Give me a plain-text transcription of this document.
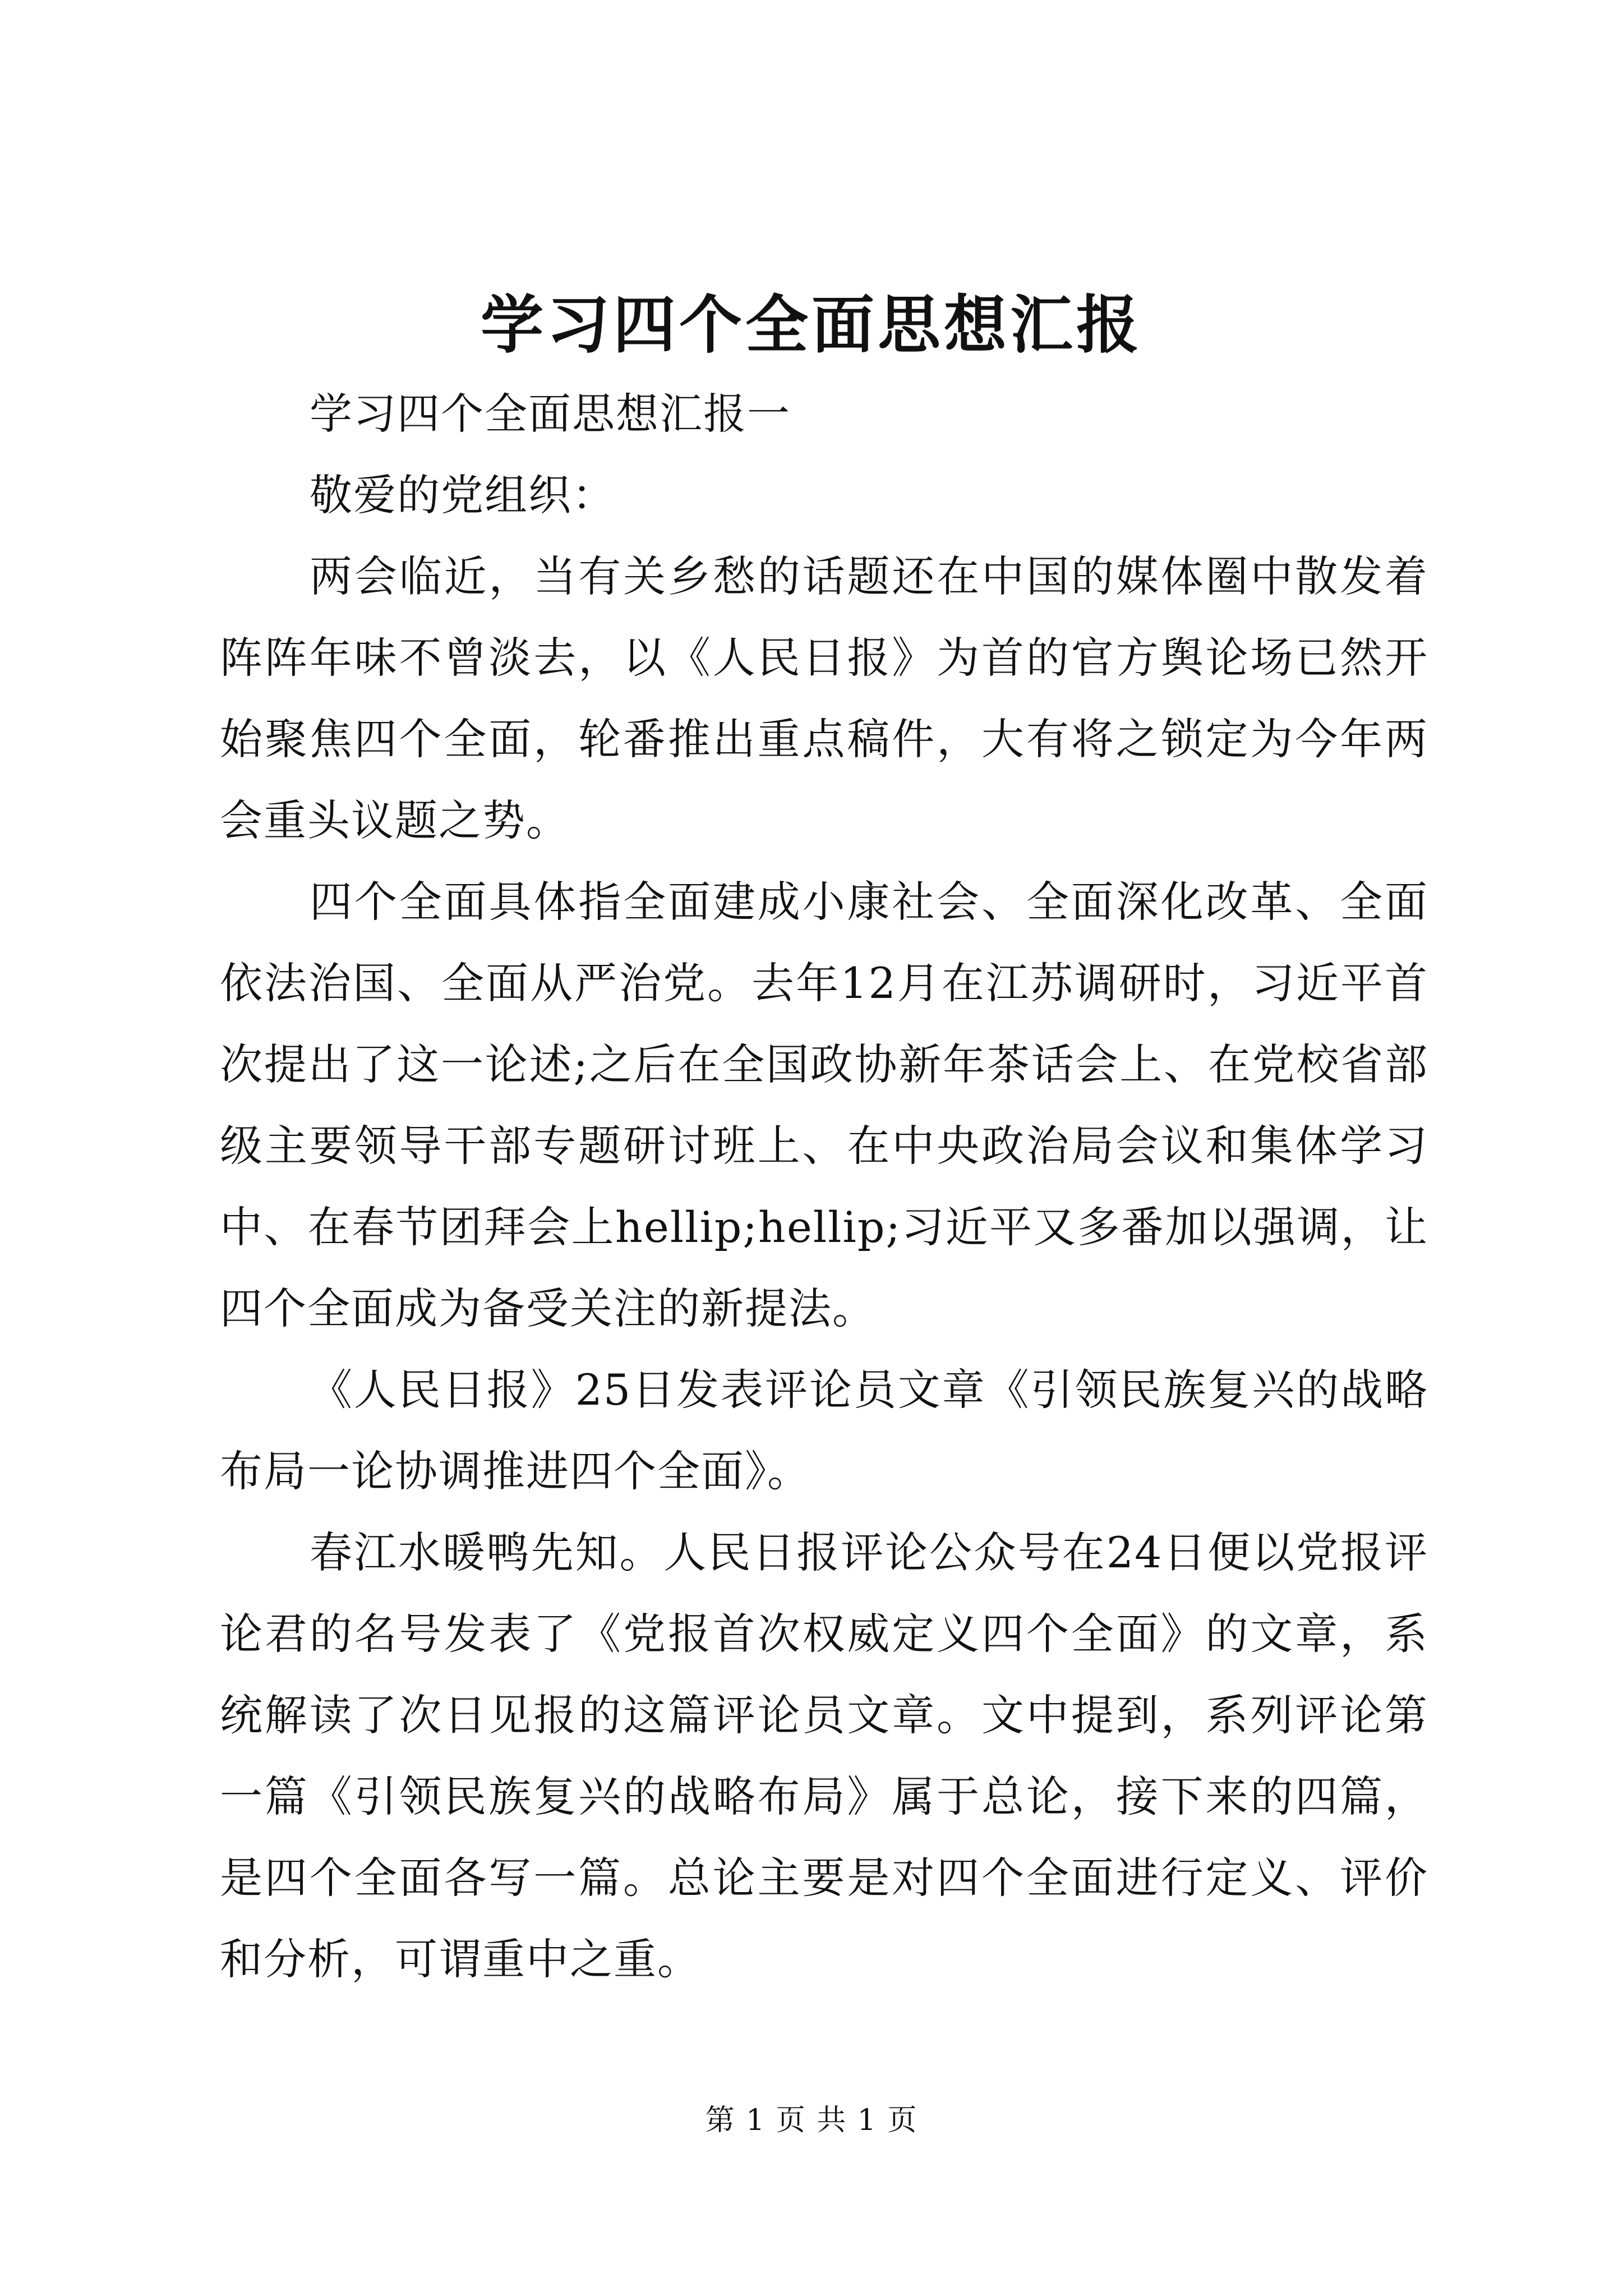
学习四个全面思想汇报

学习四个全面思想汇报一

敬爱的党组织：

两会临近，当有关乡愁的话题还在中国的媒体圈中散发着阵阵年味不曾淡去，以《人民日报》为首的官方舆论场已然开始聚焦四个全面，轮番推出重点稿件，大有将之锁定为今年两会重头议题之势。

四个全面具体指全面建成小康社会、全面深化改革、全面依法治国、全面从严治党。去年12月在江苏调研时，习近平首次提出了这一论述;之后在全国政协新年茶话会上、在党校省部级主要领导干部专题研讨班上、在中央政治局会议和集体学习中、在春节团拜会上hellip;hellip;习近平又多番加以强调，让四个全面成为备受关注的新提法。

《人民日报》25日发表评论员文章《引领民族复兴的战略布局一论协调推进四个全面》。

春江水暖鸭先知。人民日报评论公众号在24日便以党报评论君的名号发表了《党报首次权威定义四个全面》的文章，系统解读了次日见报的这篇评论员文章。文中提到，系列评论第一篇《引领民族复兴的战略布局》属于总论，接下来的四篇，是四个全面各写一篇。总论主要是对四个全面进行定义、评价和分析，可谓重中之重。

第 1 页 共 1 页
